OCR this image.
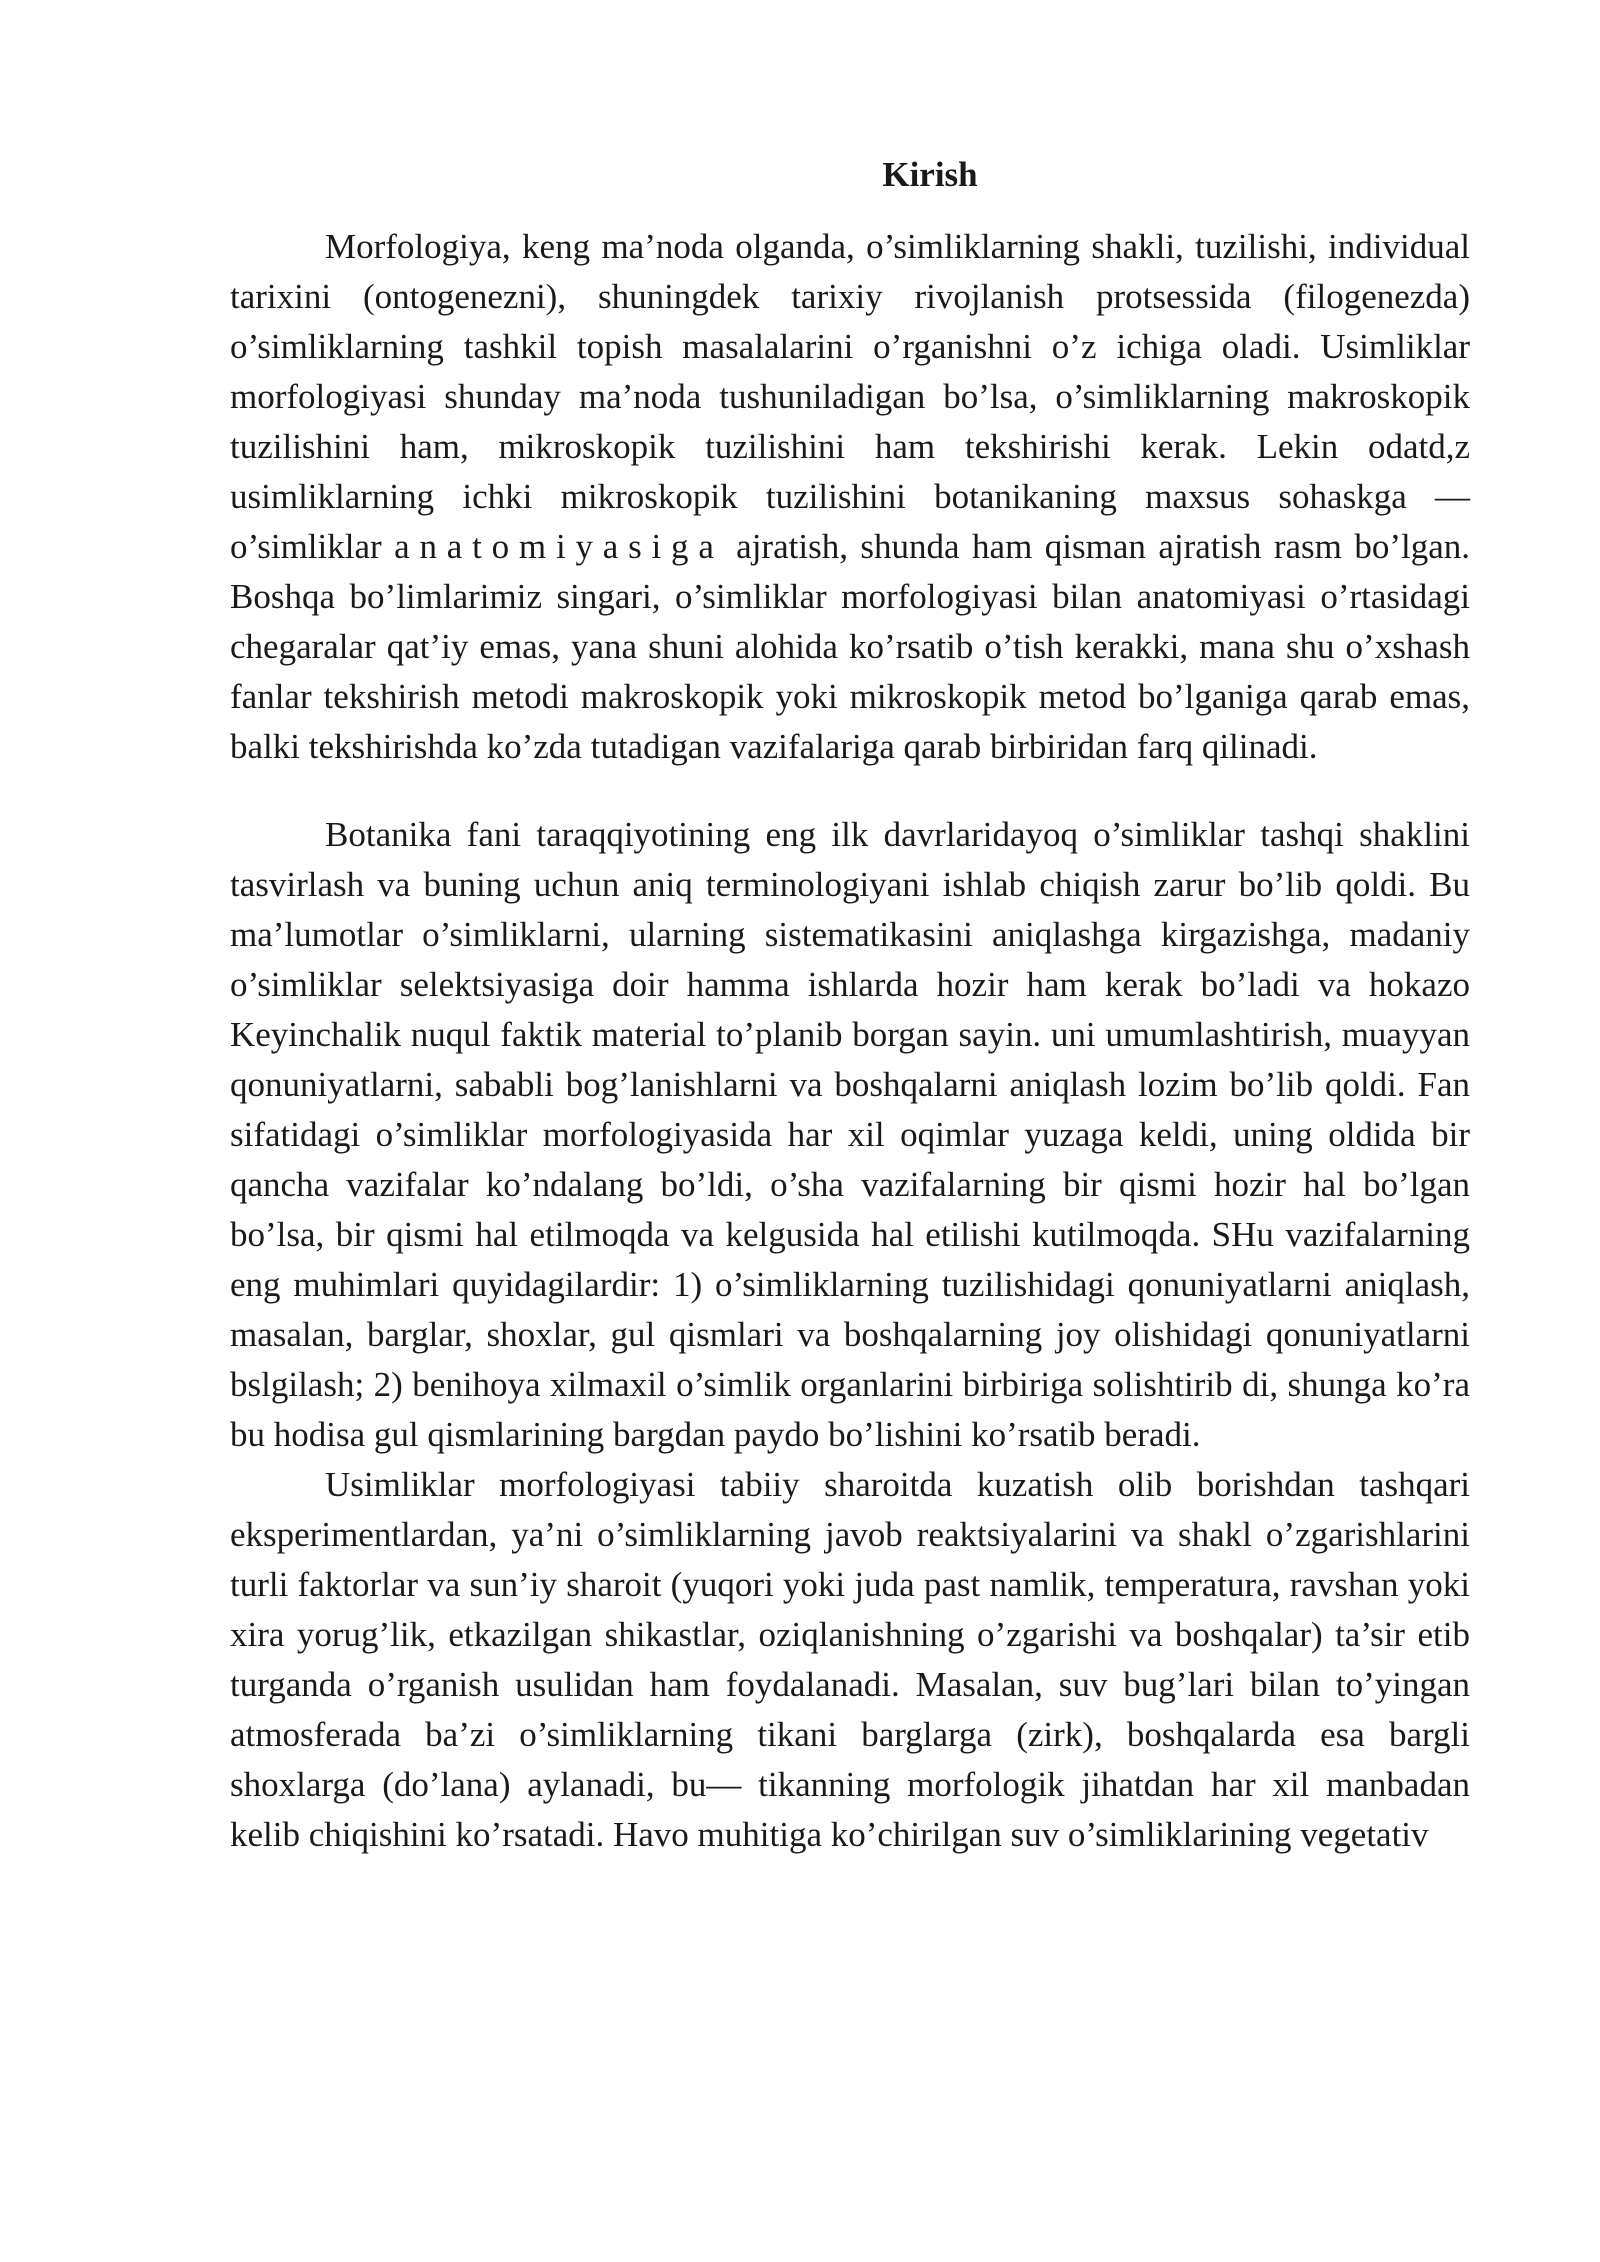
Kirish

Morfologiya, keng ma’noda olganda, o’simliklarning shakli, tuzilishi, individual tarixini (ontogenezni), shuningdek tarixiy rivojlanish protsessida (filogenezda) o’simliklarning tashkil topish masalalarini o’rganishni o’z ichiga oladi. Usimliklar morfologiyasi shunday ma’noda tushuniladigan bo’lsa, o’simliklarning makroskopik tuzilishini ham, mikroskopik tuzilishini ham tekshirishi kerak. Lekin odatd,z usimliklarning ichki mikroskopik tuzilishini botanikaning maxsus sohaskga — o’simliklar anatomiyasiga ajratish, shunda ham qisman ajratish rasm bo’lgan. Boshqa bo’limlarimiz singari, o’simliklar morfologiyasi bilan anatomiyasi o’rtasidagi chegaralar qat’iy emas, yana shuni alohida ko’rsatib o’tish kerakki, mana shu o’xshash fanlar tekshirish metodi makroskopik yoki mikroskopik metod bo’lganiga qarab emas, balki tekshirishda ko’zda tutadigan vazifalariga qarab birbiridan farq qilinadi.

Botanika fani taraqqiyotining eng ilk davrlaridayoq o’simliklar tashqi shaklini tasvirlash va buning uchun aniq terminologiyani ishlab chiqish zarur bo’lib qoldi. Bu ma’lumotlar o’simliklarni, ularning sistematikasini aniqlashga kirgazishga, madaniy o’simliklar selektsiyasiga doir hamma ishlarda hozir ham kerak bo’ladi va hokazo Keyinchalik nuqul faktik material to’planib borgan sayin. uni umumlashtirish, muayyan qonuniyatlarni, sababli bog’lanishlarni va boshqalarni aniqlash lozim bo’lib qoldi. Fan sifatidagi o’simliklar morfologiyasida har xil oqimlar yuzaga keldi, uning oldida bir qancha vazifalar ko’ndalang bo’ldi, o’sha vazifalarning bir qismi hozir hal bo’lgan bo’lsa, bir qismi hal etilmoqda va kelgusida hal etilishi kutilmoqda. SHu vazifalarning eng muhimlari quyidagilardir: 1) o’simliklarning tuzilishidagi qonuniyatlarni aniqlash, masalan, barglar, shoxlar, gul qismlari va boshqalarning joy olishidagi qonuniyatlarni bslgilash; 2) benihoya xilmaxil o’simlik organlarini birbiriga solishtirib di, shunga ko’ra bu hodisa gul qismlarining bargdan paydo bo’lishini ko’rsatib beradi.

Usimliklar morfologiyasi tabiiy sharoitda kuzatish olib borishdan tashqari eksperimentlardan, ya’ni o’simliklarning javob reaktsiyalarini va shakl o’zgarishlarini turli faktorlar va sun’iy sharoit (yuqori yoki juda past namlik, temperatura, ravshan yoki xira yorug’lik, etkazilgan shikastlar, oziqlanishning o’zgarishi va boshqalar) ta’sir etib turganda o’rganish usulidan ham foydalanadi. Masalan, suv bug’lari bilan to’yingan atmosferada ba’zi o’simliklarning tikani barglarga (zirk), boshqalarda esa bargli shoxlarga (do’lana) aylanadi, bu— tikanning morfologik jihatdan har xil manbadan kelib chiqishini ko’rsatadi. Havo muhitiga ko’chirilgan suv o’simliklarining vegetativ
